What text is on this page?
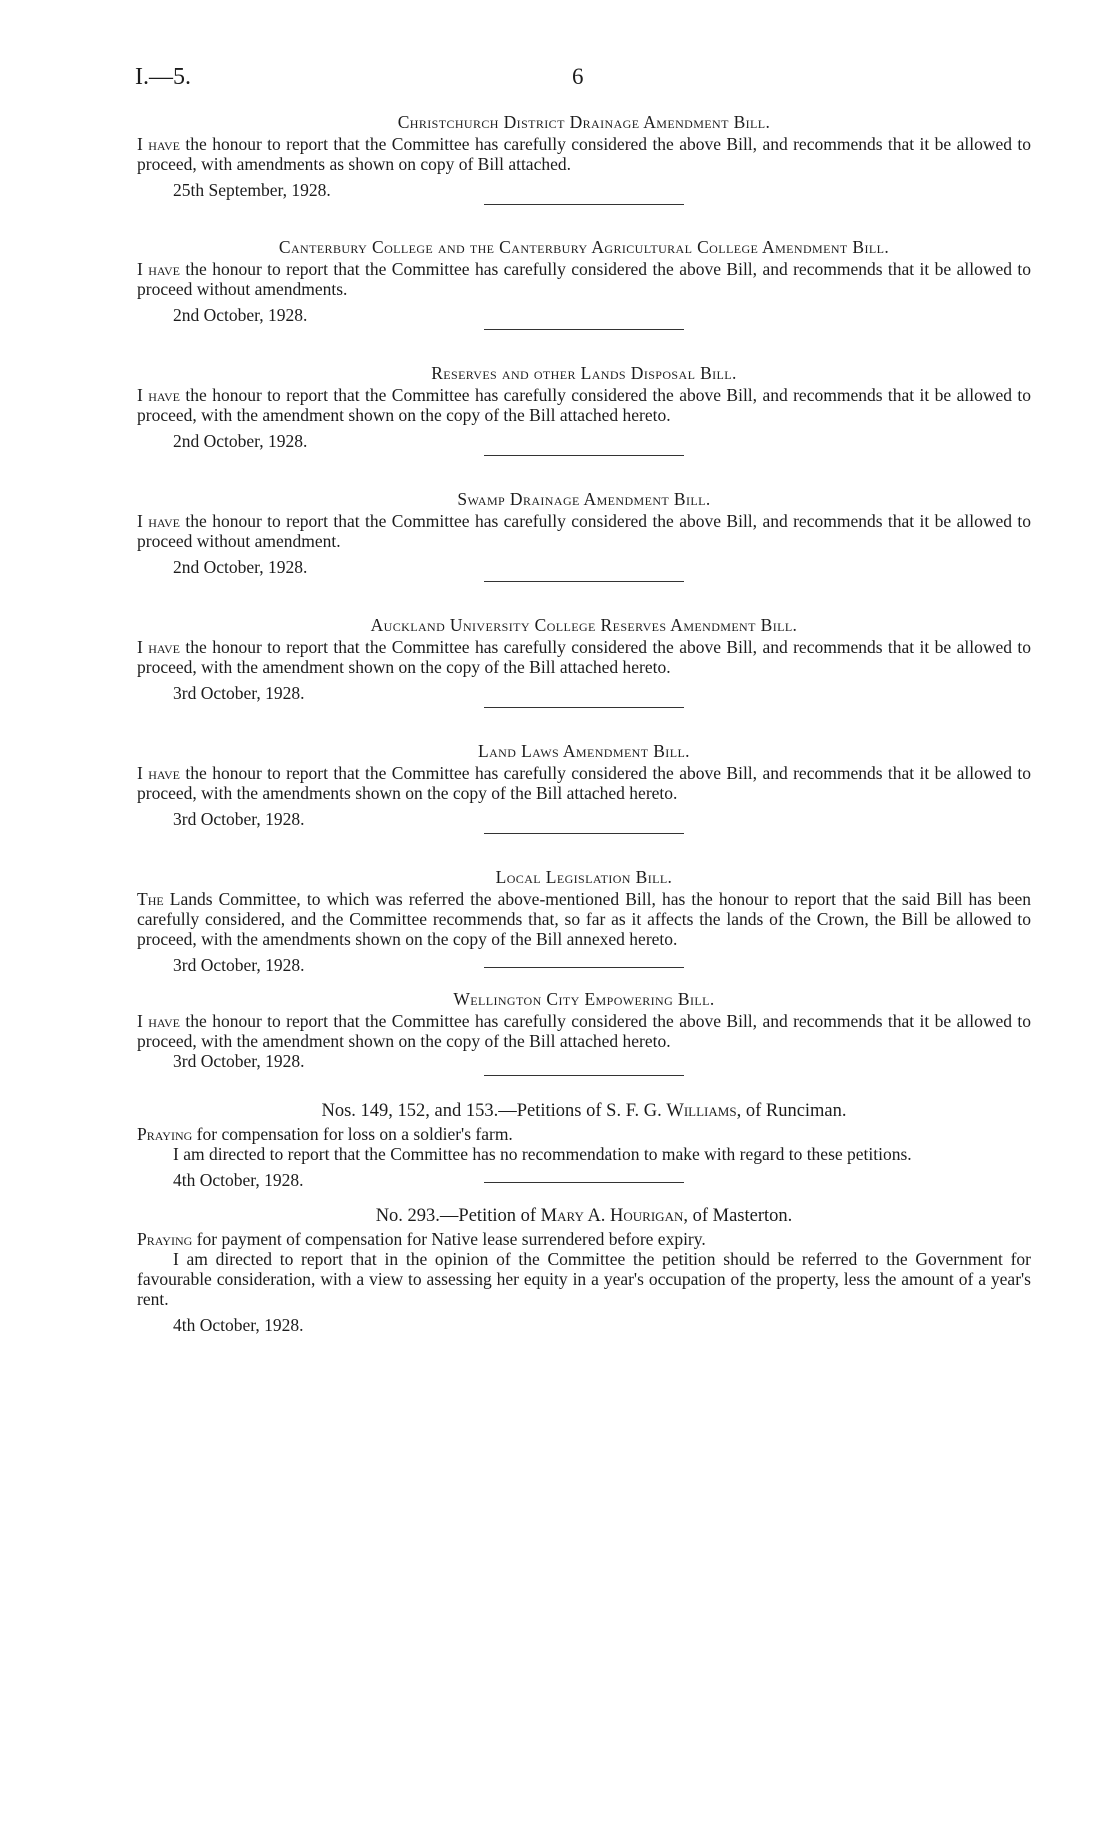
I.—5.	6
Christchurch District Drainage Amendment Bill.

I have the honour to report that the Committee has carefully considered the above Bill, and recommends that it be allowed to proceed, with amendments as shown on copy of Bill attached.

25th September, 1928.
Canterbury College and the Canterbury Agricultural College Amendment Bill.

I have the honour to report that the Committee has carefully considered the above Bill, and recommends that it be allowed to proceed without amendments.

2nd October, 1928.
Reserves and other Lands Disposal Bill.

I have the honour to report that the Committee has carefully considered the above Bill, and recommends that it be allowed to proceed, with the amendment shown on the copy of the Bill attached hereto.

2nd October, 1928.
Swamp Drainage Amendment Bill.

I have the honour to report that the Committee has carefully considered the above Bill, and recommends that it be allowed to proceed without amendment.

2nd October, 1928.
Auckland University College Reserves Amendment Bill.

I have the honour to report that the Committee has carefully considered the above Bill, and recommends that it be allowed to proceed, with the amendment shown on the copy of the Bill attached hereto.

3rd October, 1928.
Land Laws Amendment Bill.

I have the honour to report that the Committee has carefully considered the above Bill, and recommends that it be allowed to proceed, with the amendments shown on the copy of the Bill attached hereto.

3rd October, 1928.
Local Legislation Bill.

The Lands Committee, to which was referred the above-mentioned Bill, has the honour to report that the said Bill has been carefully considered, and the Committee recommends that, so far as it affects the lands of the Crown, the Bill be allowed to proceed, with the amendments shown on the copy of the Bill annexed hereto.

3rd October, 1928.
Wellington City Empowering Bill.

I have the honour to report that the Committee has carefully considered the above Bill, and recommends that it be allowed to proceed, with the amendment shown on the copy of the Bill attached hereto.

3rd October, 1928.
Nos. 149, 152, and 153.—Petitions of S. F. G. Williams, of Runciman.

Praying for compensation for loss on a soldier's farm.

I am directed to report that the Committee has no recommendation to make with regard to these petitions.

4th October, 1928.
No. 293.—Petition of Mary A. Hourigan, of Masterton.

Praying for payment of compensation for Native lease surrendered before expiry.

I am directed to report that in the opinion of the Committee the petition should be referred to the Government for favourable consideration, with a view to assessing her equity in a year's occupation of the property, less the amount of a year's rent.

4th October, 1928.
